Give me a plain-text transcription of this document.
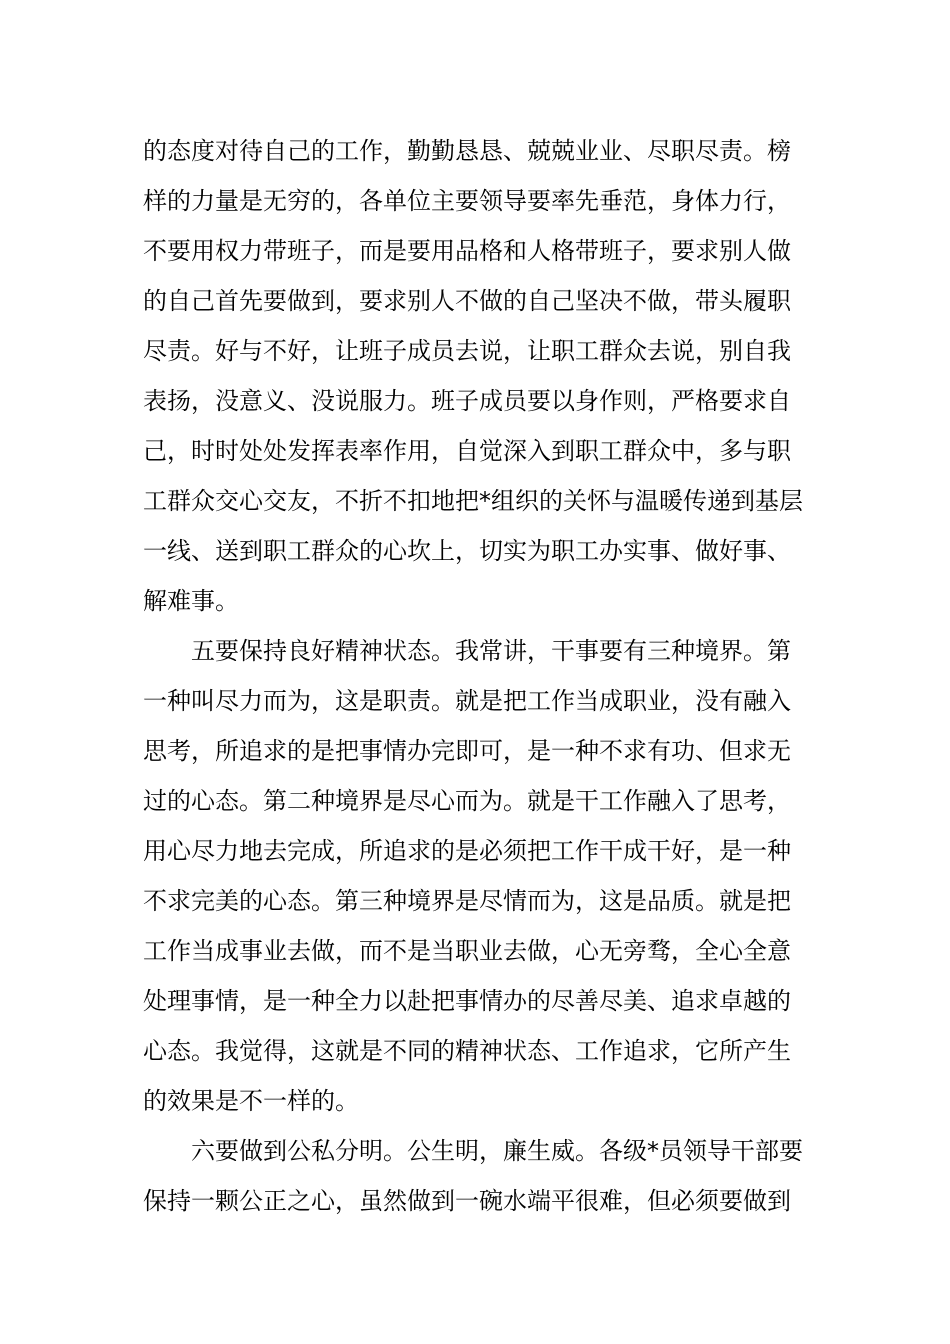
的态度对待自己的工作，勤勤恳恳、兢兢业业、尽职尽责。榜
样的力量是无穷的，各单位主要领导要率先垂范，身体力行，
不要用权力带班子，而是要用品格和人格带班子，要求别人做
的自己首先要做到，要求别人不做的自己坚决不做，带头履职
尽责。好与不好，让班子成员去说，让职工群众去说，别自我
表扬，没意义、没说服力。班子成员要以身作则，严格要求自
己，时时处处发挥表率作用，自觉深入到职工群众中，多与职
工群众交心交友，不折不扣地把*组织的关怀与温暖传递到基层
一线、送到职工群众的心坎上，切实为职工办实事、做好事、
解难事。
　　五要保持良好精神状态。我常讲，干事要有三种境界。第
一种叫尽力而为，这是职责。就是把工作当成职业，没有融入
思考，所追求的是把事情办完即可，是一种不求有功、但求无
过的心态。第二种境界是尽心而为。就是干工作融入了思考，
用心尽力地去完成，所追求的是必须把工作干成干好，是一种
不求完美的心态。第三种境界是尽情而为，这是品质。就是把
工作当成事业去做，而不是当职业去做，心无旁骛，全心全意
处理事情，是一种全力以赴把事情办的尽善尽美、追求卓越的
心态。我觉得，这就是不同的精神状态、工作追求，它所产生
的效果是不一样的。
　　六要做到公私分明。公生明，廉生威。各级*员领导干部要
保持一颗公正之心，虽然做到一碗水端平很难，但必须要做到
